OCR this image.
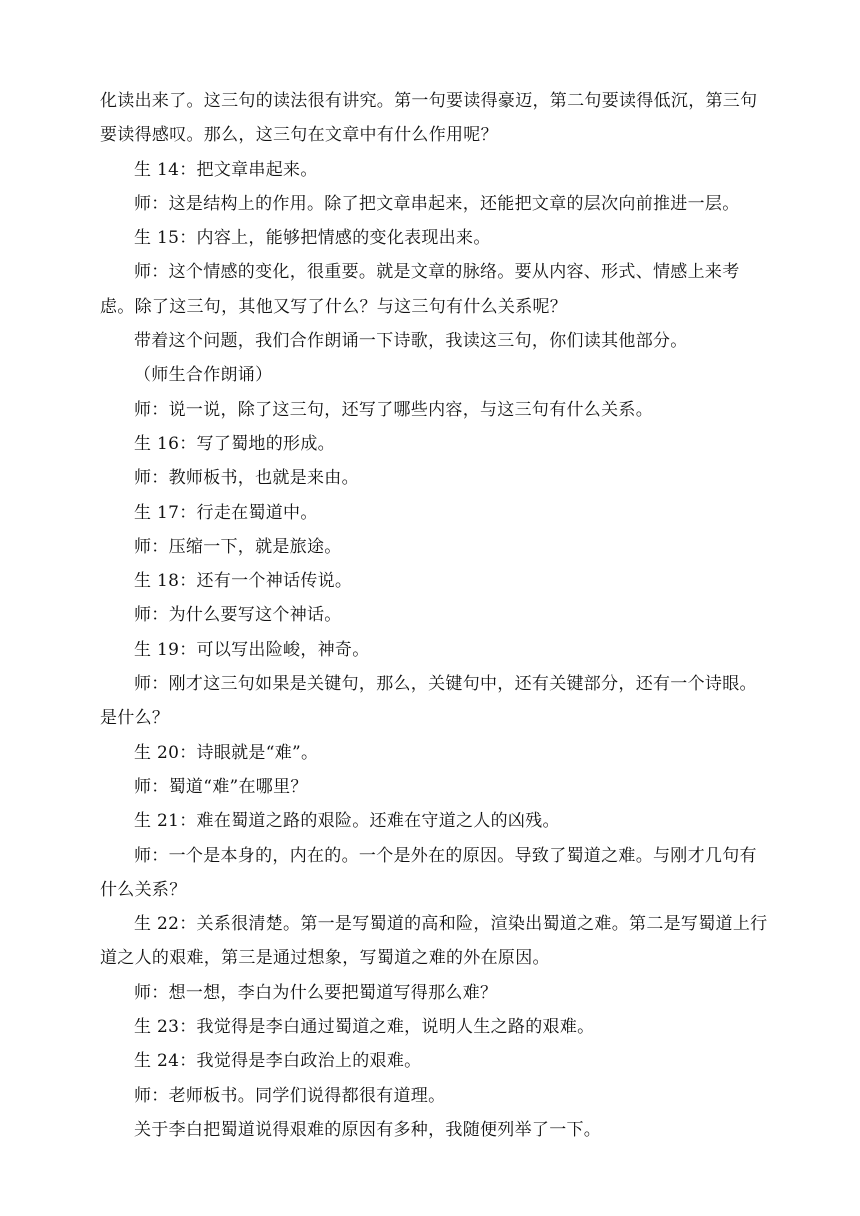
化读出来了。这三句的读法很有讲究。第一句要读得豪迈，第二句要读得低沉，第三句要读得感叹。那么，这三句在文章中有什么作用呢？

生 14：把文章串起来。

师：这是结构上的作用。除了把文章串起来，还能把文章的层次向前推进一层。

生 15：内容上，能够把情感的变化表现出来。

师：这个情感的变化，很重要。就是文章的脉络。要从内容、形式、情感上来考虑。除了这三句，其他又写了什么？与这三句有什么关系呢？

带着这个问题，我们合作朗诵一下诗歌，我读这三句，你们读其他部分。

（师生合作朗诵）

师：说一说，除了这三句，还写了哪些内容，与这三句有什么关系。

生 16：写了蜀地的形成。

师：教师板书，也就是来由。

生 17：行走在蜀道中。

师：压缩一下，就是旅途。

生 18：还有一个神话传说。

师：为什么要写这个神话。

生 19：可以写出险峻，神奇。

师：刚才这三句如果是关键句，那么，关键句中，还有关键部分，还有一个诗眼。是什么？

生 20：诗眼就是“难”。

师：蜀道“难”在哪里？

生 21：难在蜀道之路的艰险。还难在守道之人的凶残。

师：一个是本身的，内在的。一个是外在的原因。导致了蜀道之难。与刚才几句有什么关系？

生 22：关系很清楚。第一是写蜀道的高和险，渲染出蜀道之难。第二是写蜀道上行道之人的艰难，第三是通过想象，写蜀道之难的外在原因。

师：想一想，李白为什么要把蜀道写得那么难？

生 23：我觉得是李白通过蜀道之难，说明人生之路的艰难。

生 24：我觉得是李白政治上的艰难。

师：老师板书。同学们说得都很有道理。

关于李白把蜀道说得艰难的原因有多种，我随便列举了一下。
